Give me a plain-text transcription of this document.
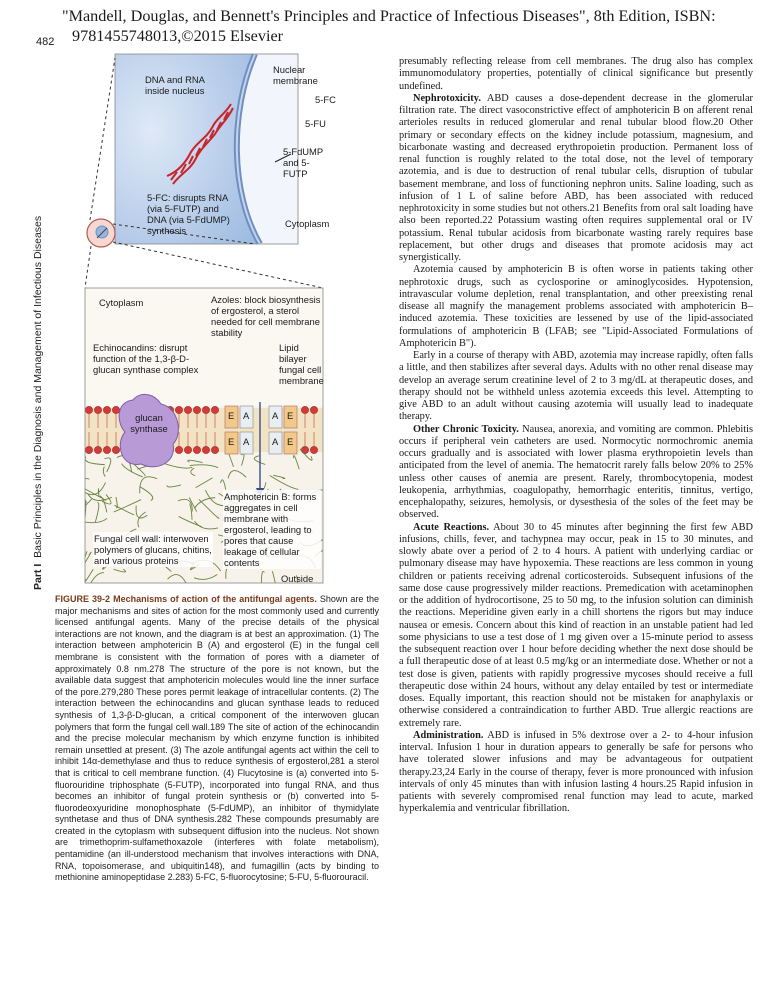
"Mandell, Douglas, and Bennett's Principles and Practice of Infectious Diseases", 8th Edition, ISBN:
9781455748013,©2015 Elsevier
482
Part I  Basic Principles in the Diagnosis and Management of Infectious Diseases
DNA and RNA inside nucleus
Nuclear membrane
5-FC
5-FU
5-FdUMP and 5-FUTP
5-FC: disrupts RNA (via 5-FUTP) and DNA (via 5-FdUMP) synthesis
Cytoplasm
Cytoplasm	Azoles: block biosynthesis of ergosterol, a sterol needed for cell membrane stability
Echinocandins: disrupt function of the 1,3-β-D-glucan synthase complex
Lipid bilayer fungal cell membrane
glucan synthase
E A A E
E A A E
Amphotericin B: forms aggregates in cell membrane with ergosterol, leading to pores that cause leakage of cellular contents
Fungal cell wall: interwoven polymers of glucans, chitins, and various proteins
Outside
FIGURE 39-2 Mechanisms of action of the antifungal agents. Shown are the major mechanisms and sites of action for the most commonly used and currently licensed antifungal agents. Many of the precise details of the physical interactions are not known, and the diagram is at best an approximation. (1) The interaction between amphotericin B (A) and ergosterol (E) in the fungal cell membrane is consistent with the formation of pores with a diameter of approximately 0.8 nm.278 The structure of the pore is not known, but the available data suggest that amphotericin molecules would line the inner surface of the pore.279,280 These pores permit leakage of intracellular contents. (2) The interaction between the echinocandins and glucan synthase leads to reduced synthesis of 1,3-β-D-glucan, a critical component of the interwoven glucan polymers that form the fungal cell wall.189 The site of action of the echinocandin and the precise molecular mechanism by which enzyme function is inhibited remain unsettled at present. (3) The azole antifungal agents act within the cell to inhibit 14α-demethylase and thus to reduce synthesis of ergosterol,281 a sterol that is critical to cell membrane function. (4) Flucytosine is (a) converted into 5-fluorouridine triphosphate (5-FUTP), incorporated into fungal RNA, and thus becomes an inhibitor of fungal protein synthesis or (b) converted into 5-fluorodeoxyuridine monophosphate (5-FdUMP), an inhibitor of thymidylate synthetase and thus of DNA synthesis.282 These compounds presumably are created in the cytoplasm with subsequent diffusion into the nucleus. Not shown are trimethoprim-sulfamethoxazole (interferes with folate metabolism), pentamidine (an ill-understood mechanism that involves interactions with DNA, RNA, topoisomerase, and ubiquitin148), and fumagillin (acts by binding to methionine aminopeptidase 2.283) 5-FC, 5-fluorocytosine; 5-FU, 5-fluorouracil.

presumably reflecting release from cell membranes. The drug also has complex immunomodulatory properties, potentially of clinical significance but presently undefined.

Nephrotoxicity. ABD causes a dose-dependent decrease in the glomerular filtration rate. The direct vasoconstrictive effect of amphotericin B on afferent renal arterioles results in reduced glomerular and renal tubular blood flow.20 Other primary or secondary effects on the kidney include potassium, magnesium, and bicarbonate wasting and decreased erythropoietin production. Permanent loss of renal function is roughly related to the total dose, not the level of temporary azotemia, and is due to destruction of renal tubular cells, disruption of tubular basement membrane, and loss of functioning nephron units. Saline loading, such as infusion of 1 L of saline before ABD, has been associated with reduced nephrotoxicity in some studies but not others.21 Benefits from oral salt loading have also been reported.22 Potassium wasting often requires supplemental oral or IV potassium. Renal tubular acidosis from bicarbonate wasting rarely requires base replacement, but other drugs and diseases that promote acidosis may act synergistically.

Azotemia caused by amphotericin B is often worse in patients taking other nephrotoxic drugs, such as cyclosporine or aminoglycosides. Hypotension, intravascular volume depletion, renal transplantation, and other preexisting renal disease all magnify the management problems associated with amphotericin B–induced azotemia. These toxicities are lessened by use of the lipid-associated formulations of amphotericin B (LFAB; see "Lipid-Associated Formulations of Amphotericin B").

Early in a course of therapy with ABD, azotemia may increase rapidly, often falls a little, and then stabilizes after several days. Adults with no other renal disease may develop an average serum creatinine level of 2 to 3 mg/dL at therapeutic doses, and therapy should not be withheld unless azotemia exceeds this level. Attempting to give ABD to an adult without causing azotemia will usually lead to inadequate therapy.

Other Chronic Toxicity. Nausea, anorexia, and vomiting are common. Phlebitis occurs if peripheral vein catheters are used. Normocytic normochromic anemia occurs gradually and is associated with lower plasma erythropoietin levels than anticipated from the level of anemia. The hematocrit rarely falls below 20% to 25% unless other causes of anemia are present. Rarely, thrombocytopenia, modest leukopenia, arrhythmias, coagulopathy, hemorrhagic enteritis, tinnitus, vertigo, encephalopathy, seizures, hemolysis, or dysesthesia of the soles of the feet may be observed.

Acute Reactions. About 30 to 45 minutes after beginning the first few ABD infusions, chills, fever, and tachypnea may occur, peak in 15 to 30 minutes, and slowly abate over a period of 2 to 4 hours. A patient with underlying cardiac or pulmonary disease may have hypoxemia. These reactions are less common in young children or patients receiving adrenal corticosteroids. Subsequent infusions of the same dose cause progressively milder reactions. Premedication with acetaminophen or the addition of hydrocortisone, 25 to 50 mg, to the infusion solution can diminish the reactions. Meperidine given early in a chill shortens the rigors but may induce nausea or emesis. Concern about this kind of reaction in an unstable patient had led some physicians to use a test dose of 1 mg given over a 15-minute period to assess the subsequent reaction over 1 hour before deciding whether the next dose should be a full therapeutic dose of at least 0.5 mg/kg or an intermediate dose. Whether or not a test dose is given, patients with rapidly progressive mycoses should receive a full therapeutic dose within 24 hours, without any delay entailed by test or intermediate doses. Equally important, this reaction should not be mistaken for anaphylaxis or otherwise considered a contraindication to further ABD. True allergic reactions are extremely rare.

Administration. ABD is infused in 5% dextrose over a 2- to 4-hour infusion interval. Infusion 1 hour in duration appears to generally be safe for persons who have tolerated slower infusions and may be advantageous for outpatient therapy.23,24 Early in the course of therapy, fever is more pronounced with infusion intervals of only 45 minutes than with infusion lasting 4 hours.25 Rapid infusion in patients with severely compromised renal function may lead to acute, marked hyperkalemia and ventricular fibrillation.
